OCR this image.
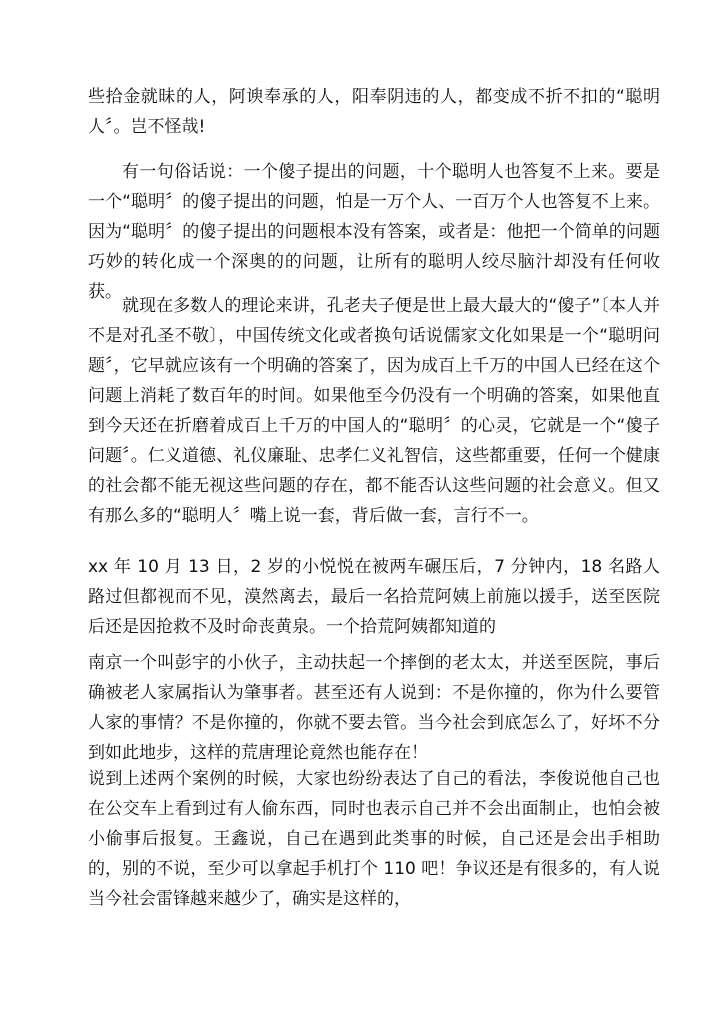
些拾金就昧的人，阿谀奉承的人，阳奉阴违的人，都变成不折不扣的“聪明人〞。岂不怪哉!

有一句俗话说：一个傻子提出的问题，十个聪明人也答复不上来。要是一个“聪明〞的傻子提出的问题，怕是一万个人、一百万个人也答复不上来。因为“聪明〞的傻子提出的问题根本没有答案，或者是：他把一个简单的问题巧妙的转化成一个深奥的的问题，让所有的聪明人绞尽脑汁却没有任何收获。

就现在多数人的理论来讲，孔老夫子便是世上最大最大的“傻子”〔本人并不是对孔圣不敬〕，中国传统文化或者换句话说儒家文化如果是一个“聪明问题〞，它早就应该有一个明确的答案了，因为成百上千万的中国人已经在这个问题上消耗了数百年的时间。如果他至今仍没有一个明确的答案，如果他直到今天还在折磨着成百上千万的中国人的“聪明〞的心灵，它就是一个“傻子问题〞。仁义道德、礼仪廉耻、忠孝仁义礼智信，这些都重要，任何一个健康的社会都不能无视这些问题的存在，都不能否认这些问题的社会意义。但又有那么多的“聪明人〞嘴上说一套，背后做一套，言行不一。

xx 年 10 月 13 日，2 岁的小悦悦在被两车碾压后，7 分钟内，18 名路人路过但都视而不见，漠然离去，最后一名拾荒阿姨上前施以援手，送至医院后还是因抢救不及时命丧黄泉。一个拾荒阿姨都知道的

南京一个叫彭宇的小伙子，主动扶起一个摔倒的老太太，并送至医院，事后确被老人家属指认为肇事者。甚至还有人说到：不是你撞的，你为什么要管人家的事情？不是你撞的，你就不要去管。当今社会到底怎么了，好坏不分到如此地步，这样的荒唐理论竟然也能存在！

说到上述两个案例的时候，大家也纷纷表达了自己的看法，李俊说他自己也在公交车上看到过有人偷东西，同时也表示自己并不会出面制止，也怕会被小偷事后报复。王鑫说，自己在遇到此类事的时候，自己还是会出手相助的，别的不说，至少可以拿起手机打个 110 吧！争议还是有很多的，有人说当今社会雷锋越来越少了，确实是这样的，
